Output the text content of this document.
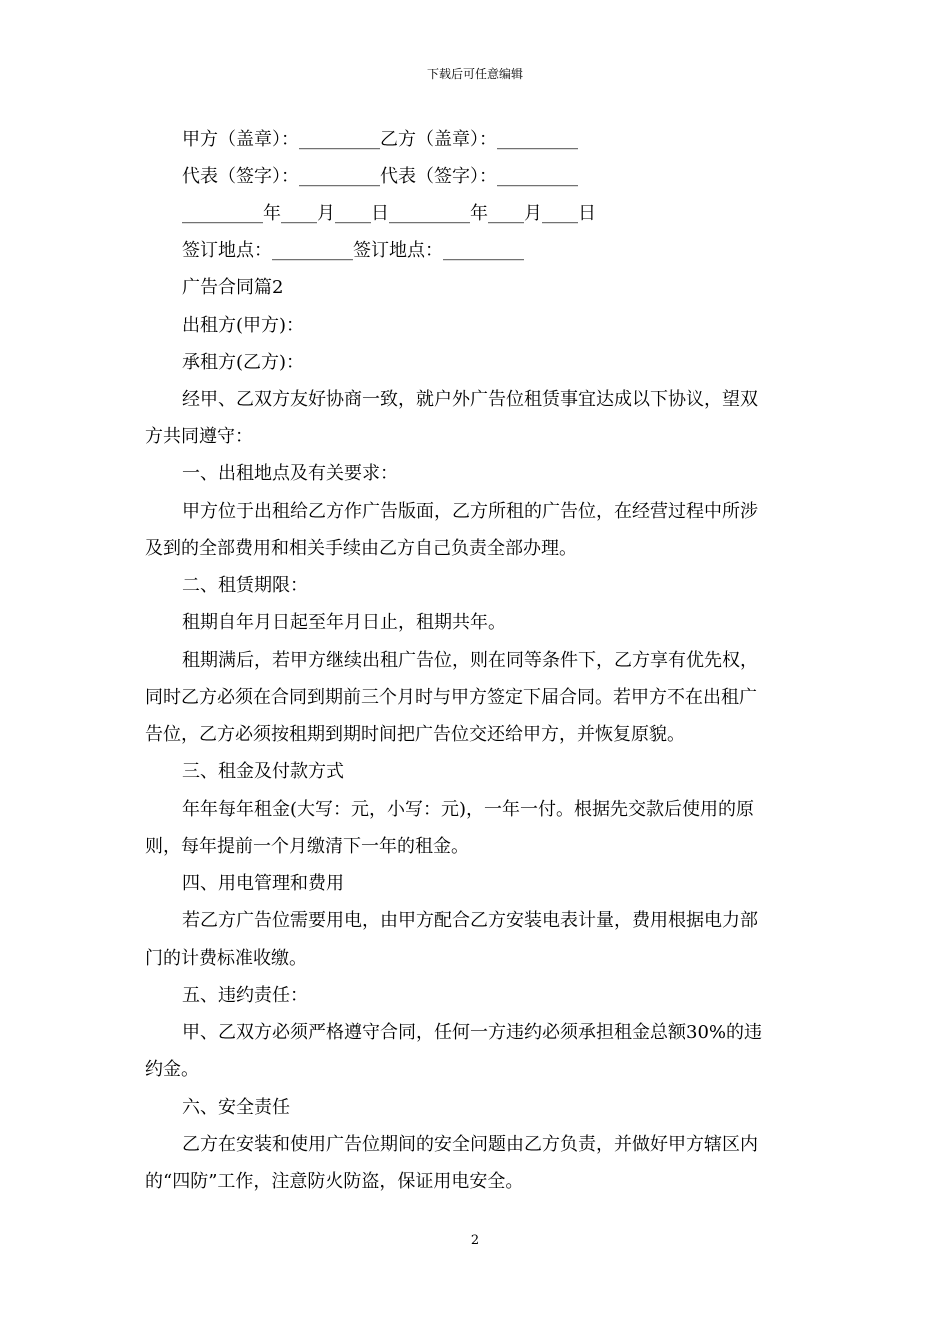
下载后可任意编辑
甲方（盖章）：_________乙方（盖章）：_________
代表（签字）：_________代表（签字）：_________
_________年____月____日_________年____月____日
签订地点：_________签订地点：_________
广告合同篇2
出租方(甲方)：
承租方(乙方)：
经甲、乙双方友好协商一致，就户外广告位租赁事宜达成以下协议，望双
方共同遵守：
一、出租地点及有关要求：
甲方位于出租给乙方作广告版面，乙方所租的广告位，在经营过程中所涉
及到的全部费用和相关手续由乙方自己负责全部办理。
二、租赁期限：
租期自年月日起至年月日止，租期共年。
租期满后，若甲方继续出租广告位，则在同等条件下，乙方享有优先权，
同时乙方必须在合同到期前三个月时与甲方签定下届合同。若甲方不在出租广
告位，乙方必须按租期到期时间把广告位交还给甲方，并恢复原貌。
三、租金及付款方式
年年每年租金(大写：元，小写：元)，一年一付。根据先交款后使用的原
则，每年提前一个月缴清下一年的租金。
四、用电管理和费用
若乙方广告位需要用电，由甲方配合乙方安装电表计量，费用根据电力部
门的计费标准收缴。
五、违约责任：
甲、乙双方必须严格遵守合同，任何一方违约必须承担租金总额30%的违
约金。
六、安全责任
乙方在安装和使用广告位期间的安全问题由乙方负责，并做好甲方辖区内
的“四防”工作，注意防火防盗，保证用电安全。
2
